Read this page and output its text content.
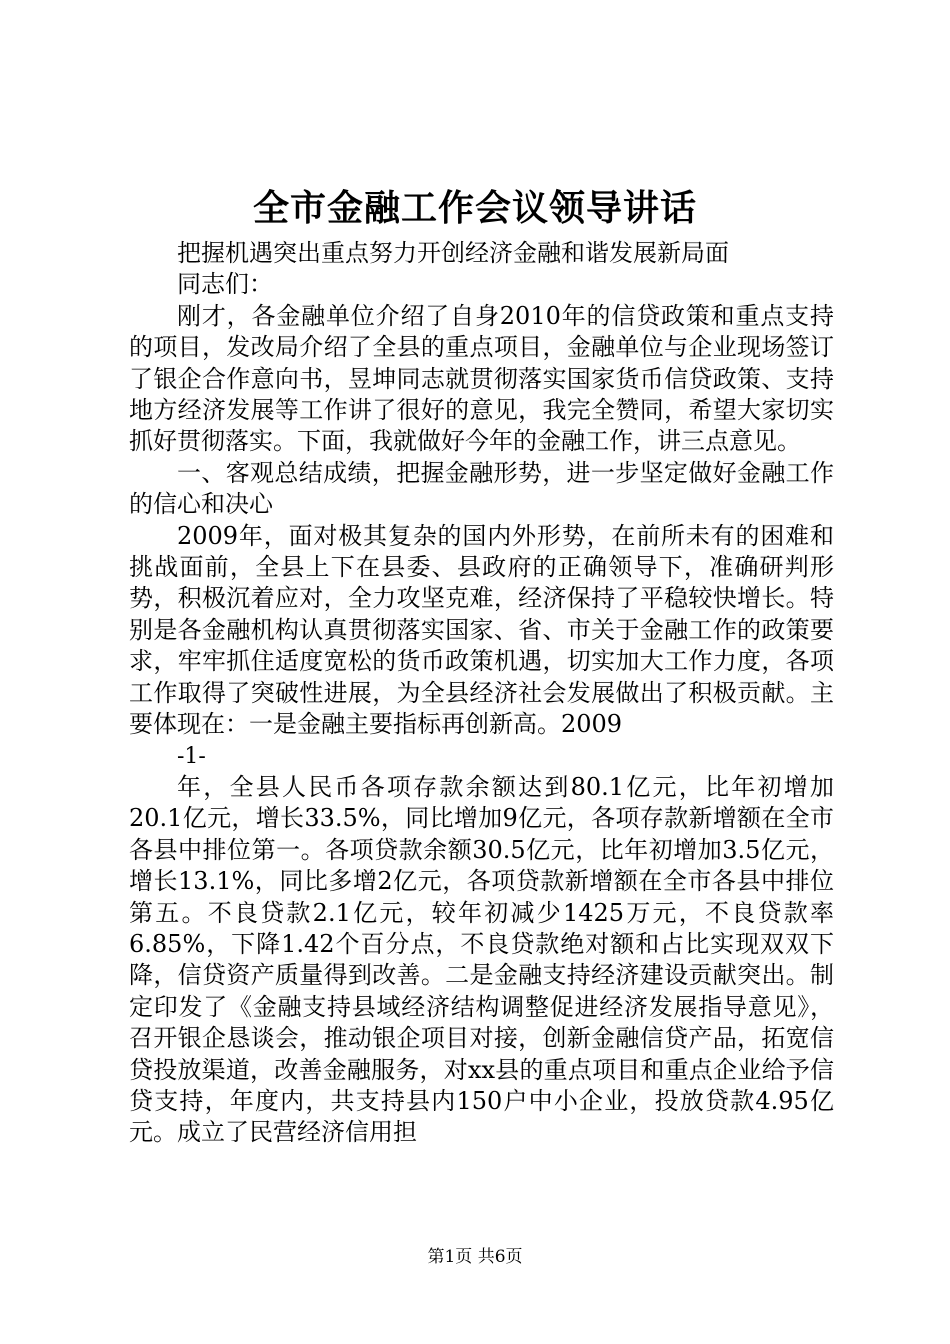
全市金融工作会议领导讲话

把握机遇突出重点努力开创经济金融和谐发展新局面

同志们：

刚才，各金融单位介绍了自身2010年的信贷政策和重点支持的项目，发改局介绍了全县的重点项目，金融单位与企业现场签订了银企合作意向书，昱坤同志就贯彻落实国家货币信贷政策、支持地方经济发展等工作讲了很好的意见，我完全赞同，希望大家切实抓好贯彻落实。下面，我就做好今年的金融工作，讲三点意见。

一、客观总结成绩，把握金融形势，进一步坚定做好金融工作的信心和决心

2009年，面对极其复杂的国内外形势，在前所未有的困难和挑战面前，全县上下在县委、县政府的正确领导下，准确研判形势，积极沉着应对，全力攻坚克难，经济保持了平稳较快增长。特别是各金融机构认真贯彻落实国家、省、市关于金融工作的政策要求，牢牢抓住适度宽松的货币政策机遇，切实加大工作力度，各项工作取得了突破性进展，为全县经济社会发展做出了积极贡献。主要体现在：一是金融主要指标再创新高。2009

-1-

年，全县人民币各项存款余额达到80.1亿元，比年初增加20.1亿元，增长33.5%，同比增加9亿元，各项存款新增额在全市各县中排位第一。各项贷款余额30.5亿元，比年初增加3.5亿元，增长13.1%，同比多增2亿元，各项贷款新增额在全市各县中排位第五。不良贷款2.1亿元，较年初减少1425万元，不良贷款率6.85%，下降1.42个百分点，不良贷款绝对额和占比实现双双下降，信贷资产质量得到改善。二是金融支持经济建设贡献突出。制定印发了《金融支持县域经济结构调整促进经济发展指导意见》，召开银企恳谈会，推动银企项目对接，创新金融信贷产品，拓宽信贷投放渠道，改善金融服务，对xx县的重点项目和重点企业给予信贷支持，年度内，共支持县内150户中小企业，投放贷款4.95亿元。成立了民营经济信用担

第1页 共6页
